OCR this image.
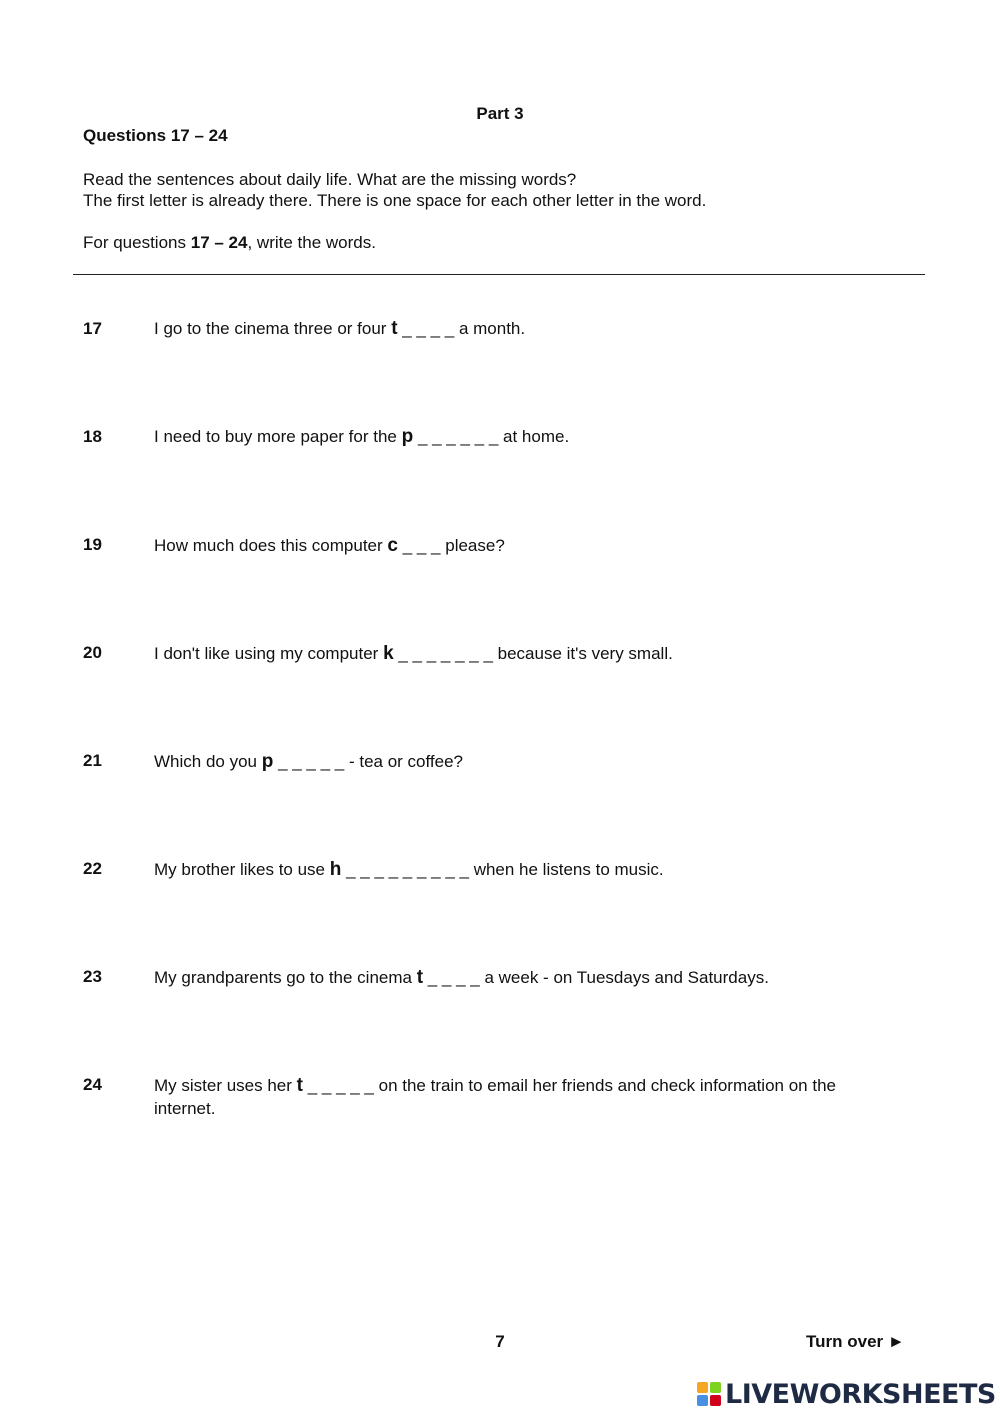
Part 3
Questions 17 – 24
Read the sentences about daily life. What are the missing words?
The first letter is already there. There is one space for each other letter in the word.
For questions 17 – 24, write the words.
17	I go to the cinema three or four t _ _ _ _ a month.
18	I need to buy more paper for the p _ _ _ _ _ _ at home.
19	How much does this computer c _ _ _ please?
20	I don't like using my computer k _ _ _ _ _ _ _ because it's very small.
21	Which do you p _ _ _ _ _ - tea or coffee?
22	My brother likes to use h _ _ _ _ _ _ _ _ _ when he listens to music.
23	My grandparents go to the cinema t _ _ _ _ a week - on Tuesdays and Saturdays.
24	My sister uses her t _ _ _ _ _ on the train to email her friends and check information on the internet.
7	Turn over ►
LIVEWORKSHEETS
